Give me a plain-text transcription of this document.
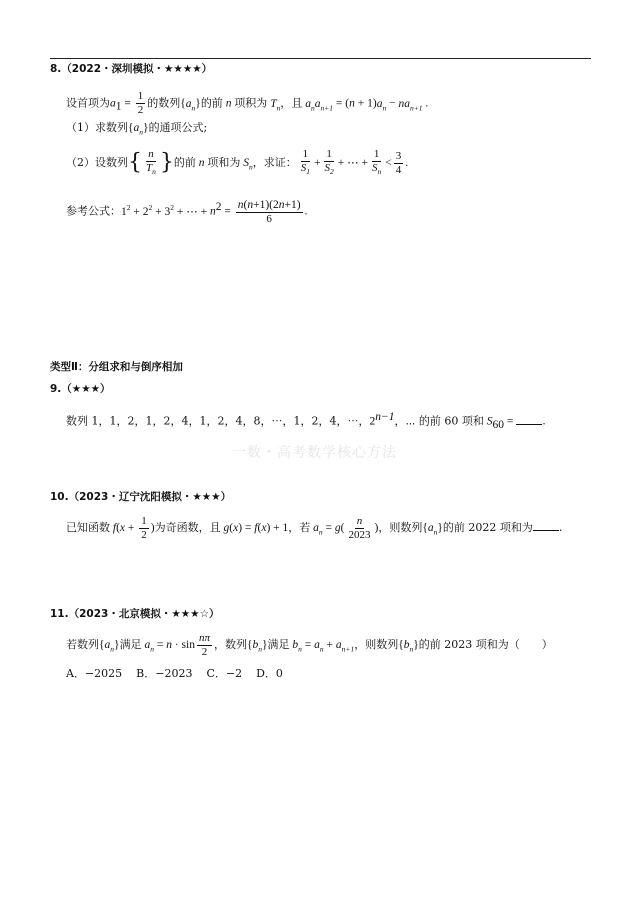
8.（2022・深圳模拟・★★★★）
设首项为$a_1 = \frac{1}{2}$ 的数列$\{a_n\}$的前 n 项积为 $T_n$，且 $a_na_{n+1} = (n + 1)a_n - na_{n+1}$ .
（1）求数列$\{a_n\}$的通项公式;
（2）设数列{ $\frac{n}{T_n}$ }的前 n 项和为 $S_n$，求证： $\frac{1}{S_1} + \frac{1}{S_2}$ + ⋯ + $\frac{1}{S_n} < \frac{3}{4}$ .
参考公式：$1^2 + 2^2 + 3^2$ + ⋯ + $n^2 = \frac{n(n+1)(2n+1)}{6}$ .
类型Ⅱ：分组求和与倒序相加
9.（★★★）
数列 1，1，2，1，2，4，1，2，4，8，⋯，1，2，4，⋯，$2^{n-1}$，⋯ 的前 60 项和 $S_{60}$ = .
一数・高考数学核心方法
10.（2023・辽宁沈阳模拟・★★★）
已知函数 $f(x + \frac{1}{2}$ )为奇函数，且 g(x) = f(x) + 1，若 $a_n = g( \frac{n}{2023}$ )，则数列$\{a_n\}$的前 2022 项和为 .
11.（2023・北京模拟・★★★☆）
若数列$\{a_n\}$满足 $a_n = n \cdot \sin \frac{n\pi}{2}$ ，数列$\{b_n\}$满足 $b_n = a_n + a_{n+1}$，则数列$\{b_n\}$的前 2023 项和为（　　）
A．−2025 B．−2023 C．−2 D．0
